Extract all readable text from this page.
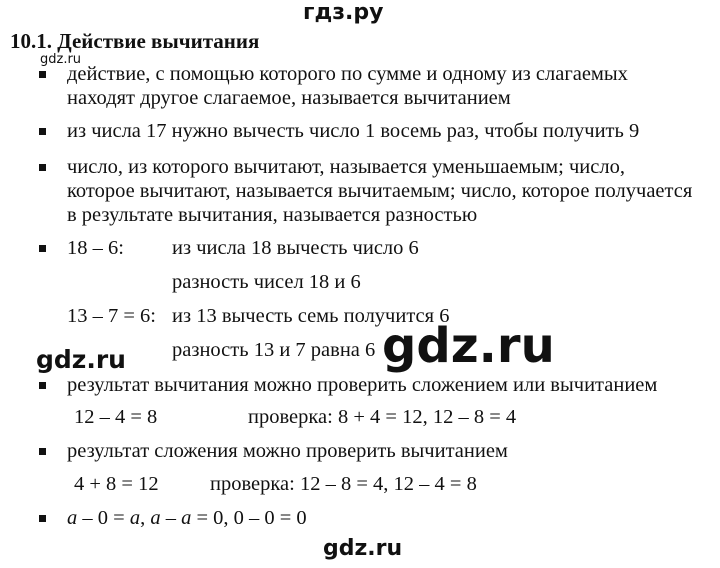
гдз.ру
10.1. Действие вычитания
gdz.ru
действие, с помощью которого по сумме и одному из слагаемых
находят другое слагаемое, называется вычитанием
из числа 17 нужно вычесть число 1 восемь раз, чтобы получить 9
число, из которого вычитают, называется уменьшаемым; число,
которое вычитают, называется вычитаемым; число, которое получается
в результате вычитания, называется разностью
18 – 6: из числа 18 вычесть число 6
разность чисел 18 и 6
13 – 7 = 6: из 13 вычесть семь получится 6
разность 13 и 7 равна 6
gdz.ru	gdz.ru
результат вычитания можно проверить сложением или вычитанием
12 – 4 = 8	проверка: 8 + 4 = 12, 12 – 8 = 4
результат сложения можно проверить вычитанием
4 + 8 = 12	проверка: 12 – 8 = 4, 12 – 4 = 8
a – 0 = a, a – a = 0, 0 – 0 = 0
gdz.ru
